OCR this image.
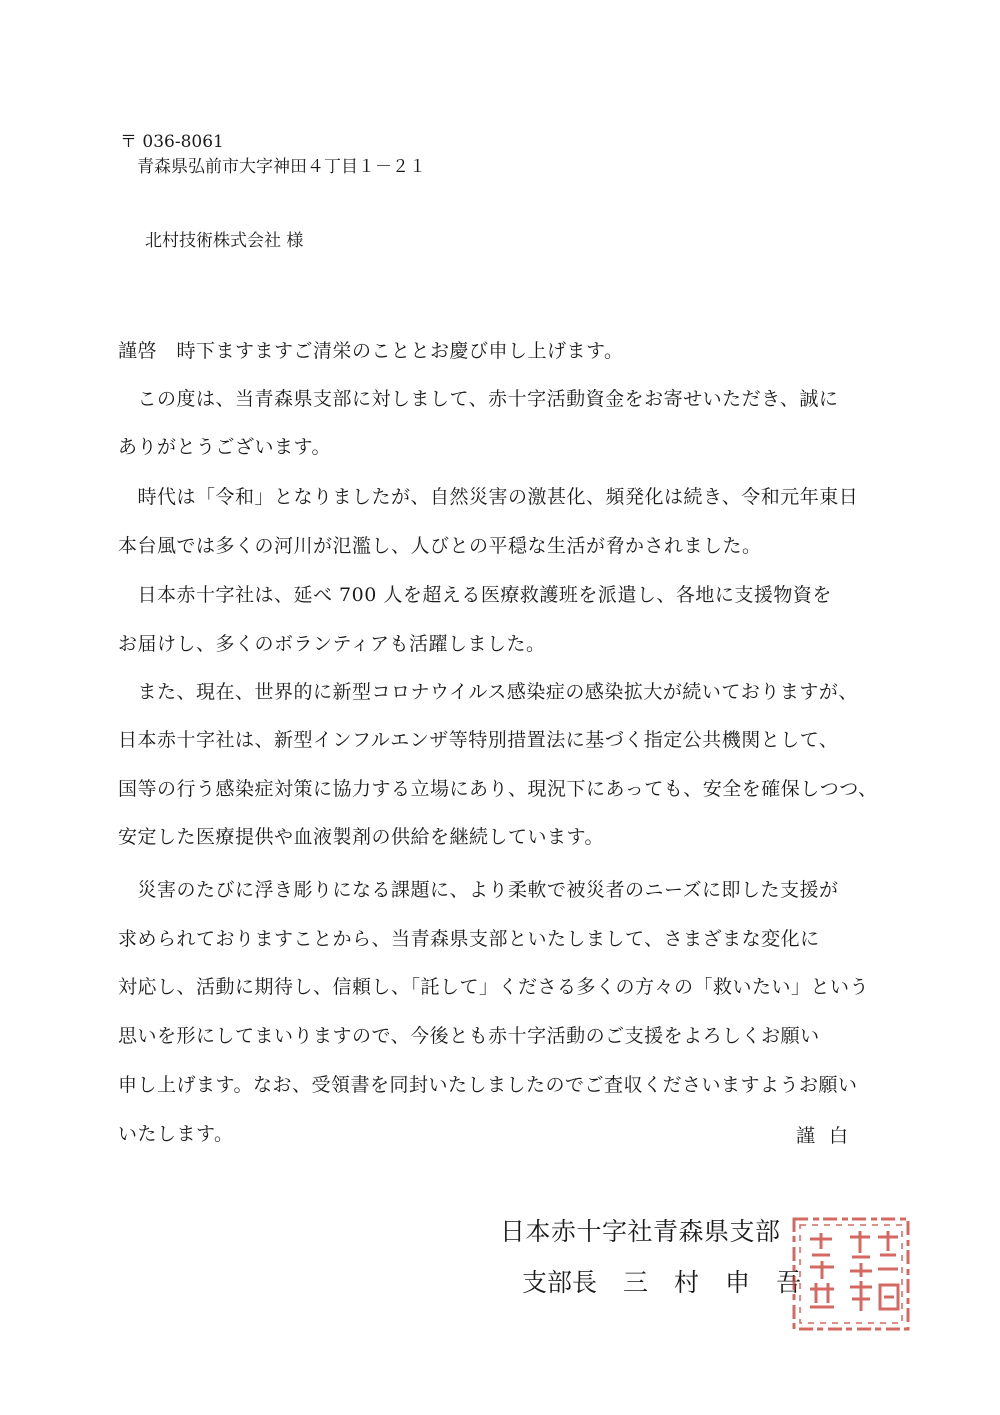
〒 036-8061
青森県弘前市大字神田４丁目１－２１
北村技術株式会社 様
謹啓　時下ますますご清栄のこととお慶び申し上げます。
　この度は、当青森県支部に対しまして、赤十字活動資金をお寄せいただき、誠に
ありがとうございます。
　時代は「令和」となりましたが、自然災害の激甚化、頻発化は続き、令和元年東日
本台風では多くの河川が氾濫し、人びとの平穏な生活が脅かされました。
　日本赤十字社は、延べ 700 人を超える医療救護班を派遣し、各地に支援物資を
お届けし、多くのボランティアも活躍しました。
　また、現在、世界的に新型コロナウイルス感染症の感染拡大が続いておりますが、
日本赤十字社は、新型インフルエンザ等特別措置法に基づく指定公共機関として、
国等の行う感染症対策に協力する立場にあり、現況下にあっても、安全を確保しつつ、
安定した医療提供や血液製剤の供給を継続しています。
　災害のたびに浮き彫りになる課題に、より柔軟で被災者のニーズに即した支援が
求められておりますことから、当青森県支部といたしまして、さまざまな変化に
対応し、活動に期待し、信頼し、「託して」くださる多くの方々の「救いたい」という
思いを形にしてまいりますので、今後とも赤十字活動のご支援をよろしくお願い
申し上げます。なお、受領書を同封いたしましたのでご査収くださいますようお願い
いたします。	謹白
日本赤十字社青森県支部
支部長 三 村 申 吾
